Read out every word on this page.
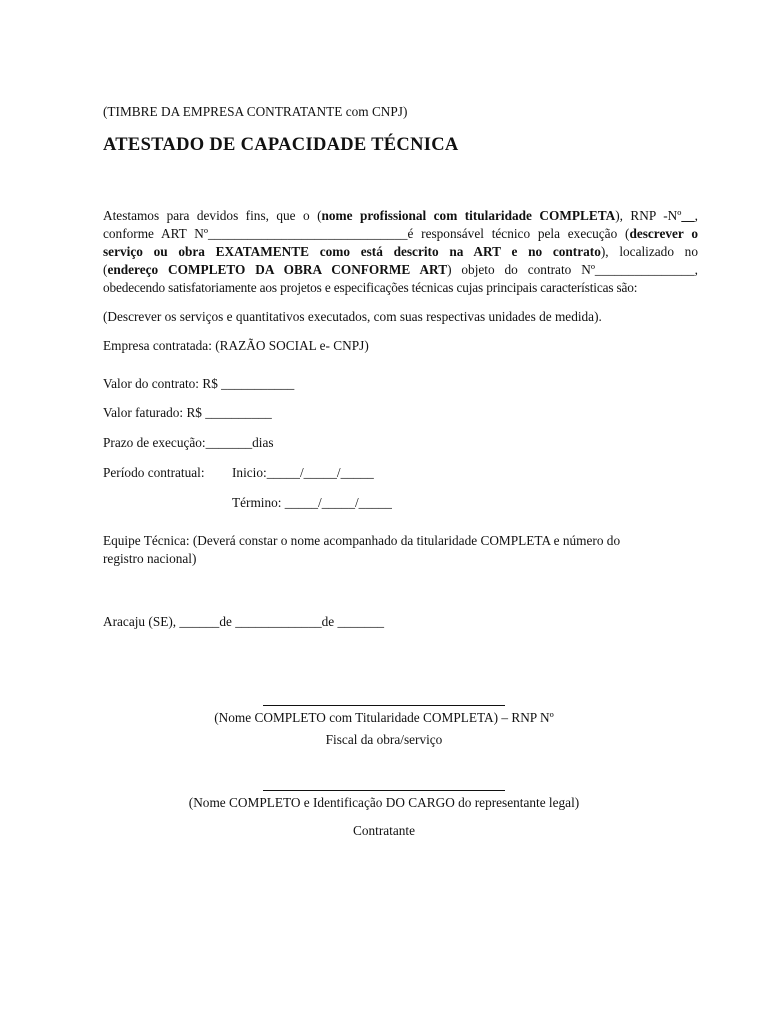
(TIMBRE DA EMPRESA CONTRATANTE com CNPJ)
ATESTADO DE CAPACIDADE TÉCNICA
Atestamos para devidos fins, que o (nome profissional com titularidade COMPLETA), RNP -Nº__,
conforme ART Nº______________________________é responsável técnico pela execução (descrever o
serviço ou obra EXATAMENTE como está descrito na ART e no contrato), localizado no
(endereço COMPLETO DA OBRA CONFORME ART) objeto do contrato Nº_______________,
obedecendo satisfatoriamente aos projetos e especificações técnicas cujas principais características são:
(Descrever os serviços e quantitativos executados, com suas respectivas unidades de medida).
Empresa contratada: (RAZÃO SOCIAL e- CNPJ)
Valor do contrato: R$ ___________
Valor faturado: R$ __________
Prazo de execução:_______dias
Período contratual: Inicio:_____/_____/_____
Término: _____/_____/_____
Equipe Técnica: (Deverá constar o nome acompanhado da titularidade COMPLETA e número do
registro nacional)
Aracaju (SE), ______de _____________de _______
(Nome COMPLETO com Titularidade COMPLETA) – RNP Nº
Fiscal da obra/serviço
(Nome COMPLETO e Identificação DO CARGO do representante legal)
Contratante
